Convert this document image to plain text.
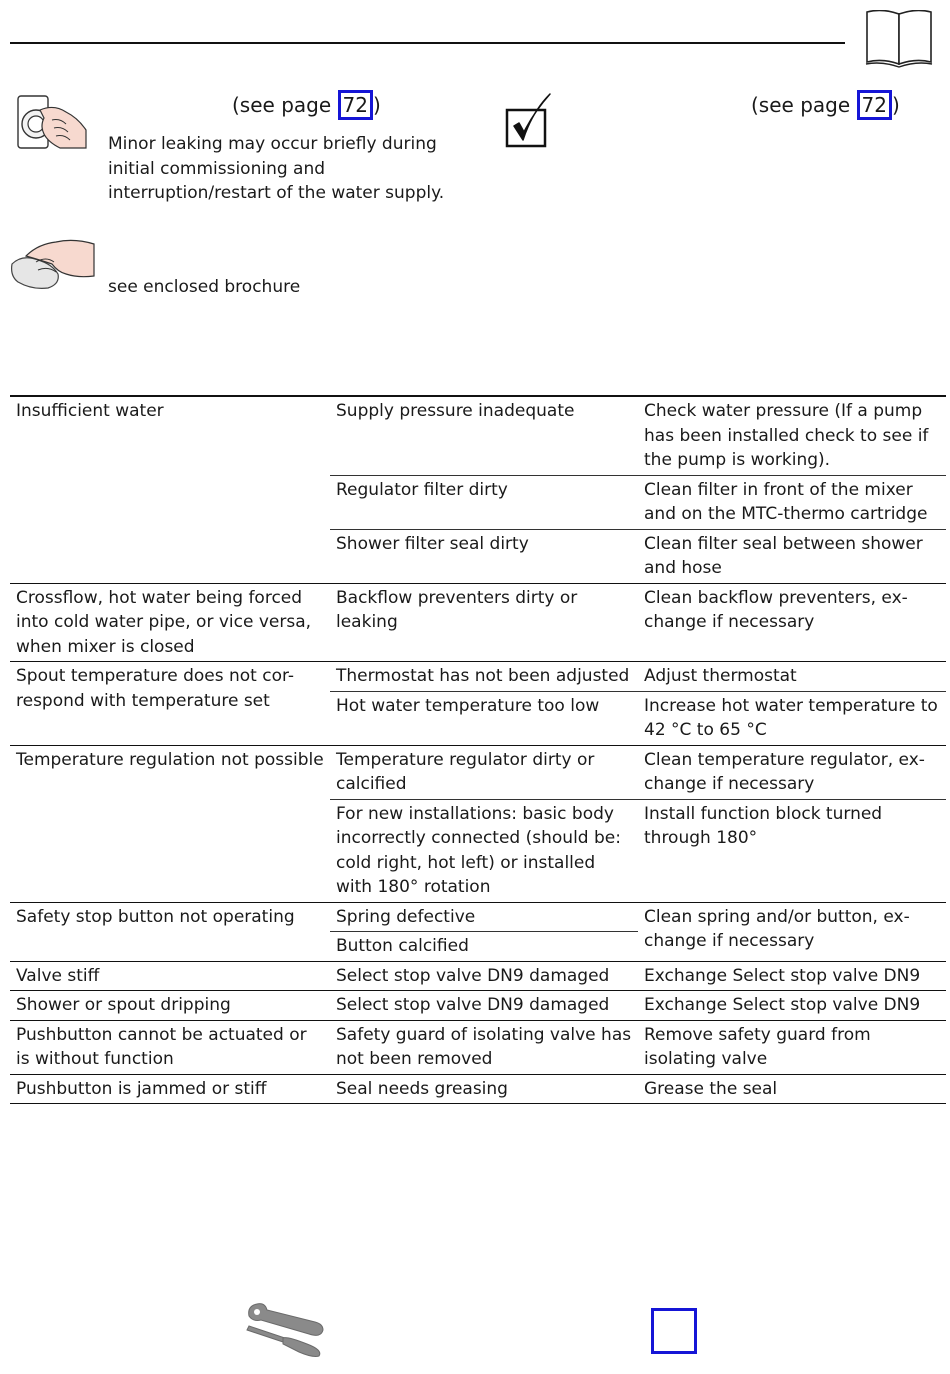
(see page 72 )
Minor leaking may occur briefly during initial commissioning and interruption/restart of the water supply.
(see page 72 )
see enclosed brochure
Insufficient water	Supply pressure inadequate	Check water pressure (If a pump has been installed check to see if the pump is working).
	Regulator filter dirty	Clean filter in front of the mixer and on the MTC-thermo cartridge
	Shower filter seal dirty	Clean filter seal between shower and hose
Crossflow, hot water being forced into cold water pipe, or vice versa, when mixer is closed	Backflow preventers dirty or leaking	Clean backflow preventers, ex-change if necessary
Spout temperature does not cor-respond with temperature set	Thermostat has not been adjusted	Adjust thermostat
	Hot water temperature too low	Increase hot water temperature to 42 °C to 65 °C
Temperature regulation not possible	Temperature regulator dirty or calcified	Clean temperature regulator, ex-change if necessary
	For new installations: basic body incorrectly connected (should be: cold right, hot left) or installed with 180° rotation	Install function block turned through 180°
Safety stop button not operating	Spring defective	Clean spring and/or button, ex-change if necessary
	Button calcified	
Valve stiff	Select stop valve DN9 damaged	Exchange Select stop valve DN9
Shower or spout dripping	Select stop valve DN9 damaged	Exchange Select stop valve DN9
Pushbutton cannot be actuated or is without function	Safety guard of isolating valve has not been removed	Remove safety guard from isolating valve
Pushbutton is jammed or stiff	Seal needs greasing	Grease the seal
